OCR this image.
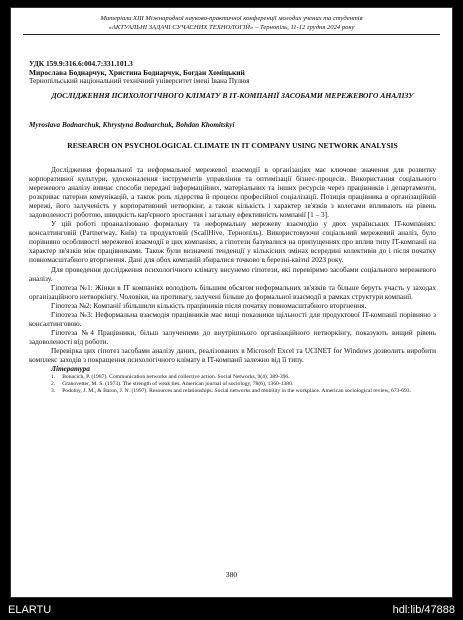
Матеріали XIII Міжнародної науково-практичної конференції молодих учених та студентів
«АКТУАЛЬНІ ЗАДАЧІ СУЧАСНИХ ТЕХНОЛОГІЙ» – Тернопіль, 11-12 грудня 2024 року
УДК 159.9:316.6:004.7:331.101.3
Мирослава Боднарчук, Христина Боднарчук, Богдан Хоміцький
Тернопільський національний технічний університет імені Івана Пулюя
ДОСЛІДЖЕННЯ ПСИХОЛОГІЧНОГО КЛІМАТУ В ІТ-КОМПАНІЇ ЗАСОБАМИ МЕРЕЖЕВОГО АНАЛІЗУ
Myroslava Bodnarchuk, Khrystyna Bodnarchuk, Bohdan Khomitskyi
RESEARCH ON PSYCHOLOGICAL CLIMATE IN IT COMPANY USING NETWORK ANALYSIS

Дослідження формальної та неформальної мережевої взаємодії в організаціях має ключове значення для розвитку корпоративної культури, удосконалення інструментів управління та оптимізації бізнес-процесів. Використання соціального мережевого аналізу вивчає способи передачі інформаційних, матеріальних та інших ресурсів через працівників і департаменти, розкриває патерни комунікацій, а також роль лідерства й процеси професійної соціалізації. Позиція працівника в організаційній мережі, його залученість у корпоративний нетворкінг, а також кількість і характер зв'язків з колегами впливають на рівень задоволеності роботою, швидкість кар'єрного зростання і загальну ефективність компанії [1 – 3].

У цій роботі проаналізовано формальну та неформальну мережеву взаємодію у двох українських IT-компаніях: консалтинговій (Partnerway, Київ) та продуктовій (ScallHive, Тернопіль). Використовуючи соціальний мережевий аналіз, було порівняно особливості мережевої взаємодії в цих компаніях, а гіпотези базувалися на припущеннях про вплив типу IT-компанії на характер зв'язків між працівниками. Також були визначені тенденції у кількісних змінах всередині колективів до і після початку повномасштабного вторгнення. Дані для обох компаній збиралися точково в березні-квітні 2023 року.

Для проведення дослідження психологічного клімату висунемо гіпотези, які перевіримо засобами соціального мережевого аналізу.

Гіпотеза №1: Жінки в IT компаніях володіють більшим обсягом неформальних зв'язків та більше беруть участь у заходах організаційного нетворкінгу. Чоловіки, на противагу, залучені більше до формальної взаємодії в рамках структури компанії.

Гіпотеза №2: Компанії збільшили кількість працівників після початку повномасштабного вторгнення.

Гіпотеза №3: Неформальна взаємодія працівників має вищі показники щільності для продуктової IT-компанії порівняно з консалтинговою.

Гіпотеза №4 Працівники, більш залученими до внутрішнього організаційного нетворкінгу, показують вищий рівень задоволеності від роботи.

Перевірка цих гіпотез засобами аналізу даних, реалізованих в Microsoft Excel та UCINET for Windows дозволить виробити комплекс заходів з покращення психологічного клімату в IT-компанії залежно від її типу.

Література

1.     Bonacich, P. (1987). Communication networks and collective action. Social Networks, 9(4), 389-396.

2.     Granovetter, M. S. (1973). The strength of weak ties. American journal of sociology, 78(6), 1360-1380.

3.     Podolny, J. M., & Baron, J. N. (1997). Resources and relationships: Social networks and mobility in the workplace. American sociological review, 673-693.

380
ELARTU	hdl:lib/47888
